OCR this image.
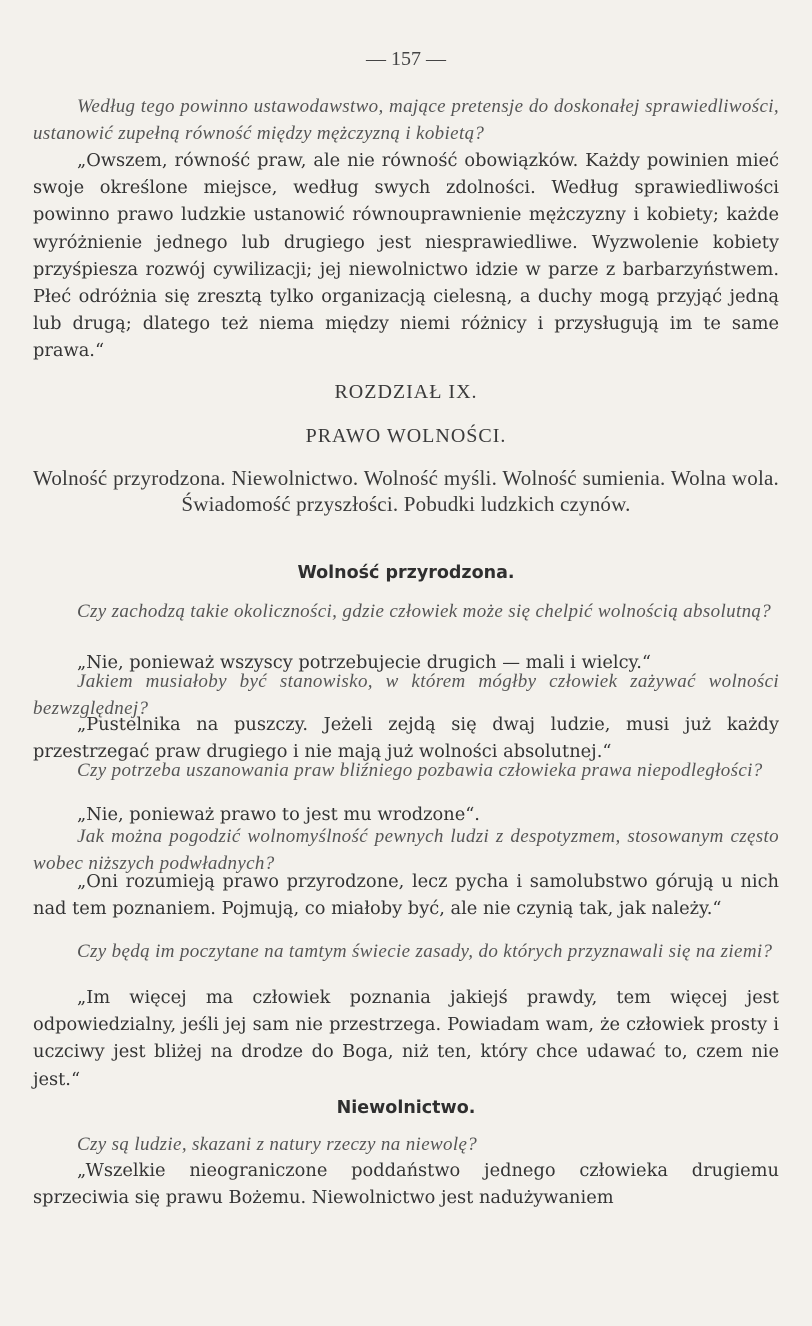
— 157 —

Według tego powinno ustawodawstwo, mające pretensje do doskonałej sprawiedliwości, ustanowić zupełną równość między mężczyzną i kobietą?

„Owszem, równość praw, ale nie równość obowiązków. Każdy powinien mieć swoje określone miejsce, według swych zdolności. Według sprawiedliwości powinno prawo ludzkie ustanowić równouprawnienie mężczyzny i kobiety; każde wyróżnienie jednego lub drugiego jest niesprawiedliwe. Wyzwolenie kobiety przyśpiesza rozwój cywilizacji; jej niewolnictwo idzie w parze z barbarzyństwem. Płeć odróżnia się zresztą tylko organizacją cielesną, a duchy mogą przyjąć jedną lub drugą; dlatego też niema między niemi różnicy i przysługują im te same prawa.“

ROZDZIAŁ IX.
PRAWO WOLNOŚCI.

Wolność przyrodzona. Niewolnictwo. Wolność myśli. Wolność sumienia. Wolna wola. Świadomość przyszłości. Pobudki ludzkich czynów.

Wolność przyrodzona.

Czy zachodzą takie okoliczności, gdzie człowiek może się chelpić wolnością absolutną?

„Nie, ponieważ wszyscy potrzebujecie drugich — mali i wielcy.“

Jakiem musiałoby być stanowisko, w którem mógłby człowiek zażywać wolności bezwzględnej?

„Pustelnika na puszczy. Jeżeli zejdą się dwaj ludzie, musi już każdy przestrzegać praw drugiego i nie mają już wolności absolutnej.“

Czy potrzeba uszanowania praw bliźniego pozbawia człowieka prawa niepodległości?

„Nie, ponieważ prawo to jest mu wrodzone“.

Jak można pogodzić wolnomyślność pewnych ludzi z despotyzmem, stosowanym często wobec niższych podwładnych?

„Oni rozumieją prawo przyrodzone, lecz pycha i samolubstwo górują u nich nad tem poznaniem. Pojmują, co miałoby być, ale nie czynią tak, jak należy.“

Czy będą im poczytane na tamtym świecie zasady, do których przyznawali się na ziemi?

„Im więcej ma człowiek poznania jakiejś prawdy, tem więcej jest odpowiedzialny, jeśli jej sam nie przestrzega. Powiadam wam, że człowiek prosty i uczciwy jest bliżej na drodze do Boga, niż ten, który chce udawać to, czem nie jest.“

Niewolnictwo.

Czy są ludzie, skazani z natury rzeczy na niewolę?

„Wszelkie nieograniczone poddaństwo jednego człowieka drugiemu sprzeciwia się prawu Bożemu. Niewolnictwo jest nadużywaniem
